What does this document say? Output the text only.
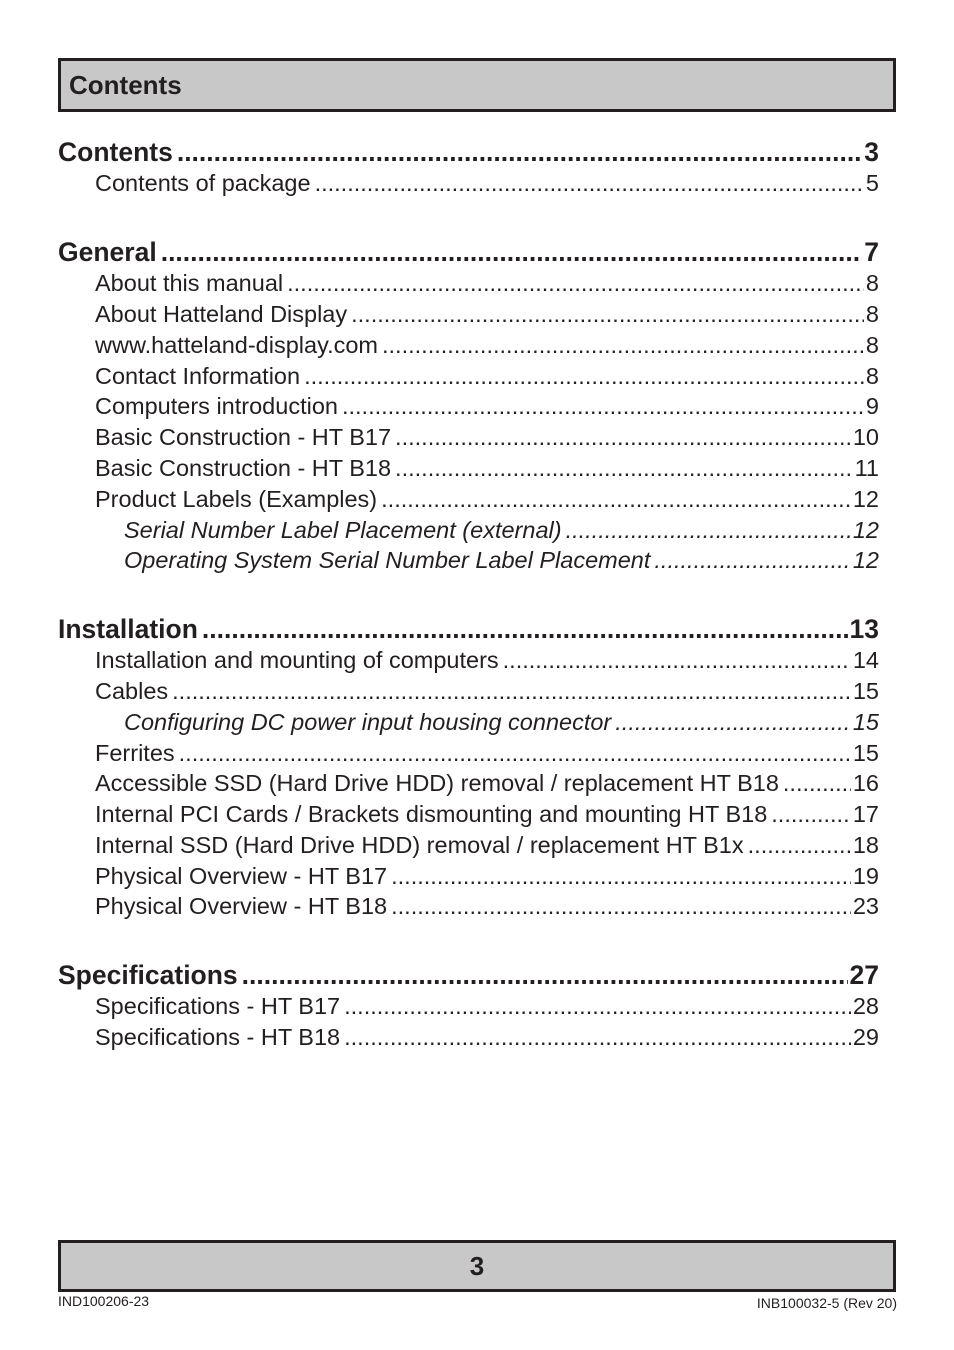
Contents
Contents .....	3
Contents of package .....	5
General .....	7
About this manual .....	8
About Hatteland Display .....	8
www.hatteland-display.com .....	8
Contact Information .....	8
Computers introduction .....	9
Basic Construction - HT B17 .....	10
Basic Construction - HT B18 .....	11
Product Labels (Examples) .....	12
Serial Number Label Placement (external) .....	12
Operating System Serial Number Label Placement .....	12
Installation .....	13
Installation and mounting of computers .....	14
Cables .....	15
Configuring DC power input housing connector .....	15
Ferrites .....	15
Accessible SSD (Hard Drive HDD) removal / replacement HT B18 .....	16
Internal PCI Cards / Brackets dismounting and mounting HT B18 .....	17
Internal SSD (Hard Drive HDD) removal / replacement HT B1x .....	18
Physical Overview - HT B17 .....	19
Physical Overview - HT B18 .....	23
Specifications .....	27
Specifications - HT B17 .....	28
Specifications - HT B18 .....	29
3
IND100206-23	INB100032-5 (Rev 20)
